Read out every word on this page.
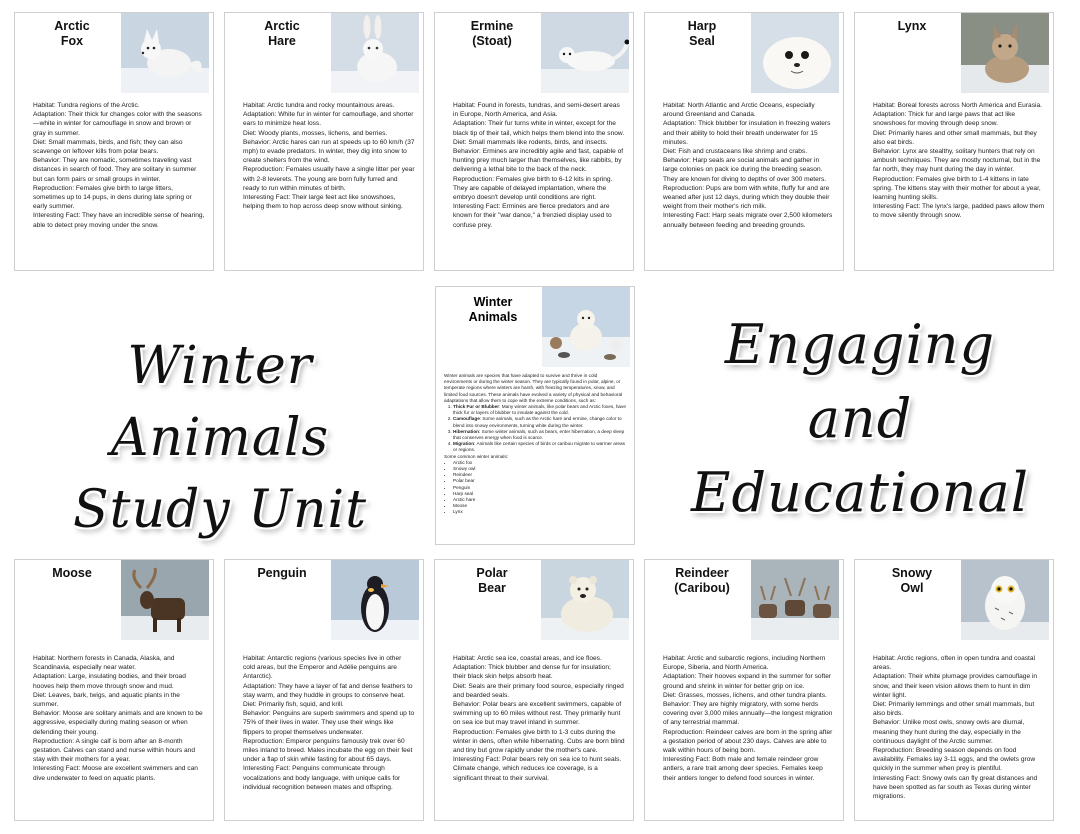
Arctic
Fox

Habitat: Tundra regions of the Arctic.

Adaptation: Their thick fur changes color with the seasons—white in winter for camouflage in snow and brown or gray in summer.

Diet: Small mammals, birds, and fish; they can also scavenge on leftover kills from polar bears.

Behavior: They are nomadic, sometimes traveling vast distances in search of food. They are solitary in summer but can form pairs or small groups in winter.

Reproduction: Females give birth to large litters, sometimes up to 14 pups, in dens during late spring or early summer.

Interesting Fact: They have an incredible sense of hearing, able to detect prey moving under the snow.

Arctic
Hare

Habitat: Arctic tundra and rocky mountainous areas.

Adaptation: White fur in winter for camouflage, and shorter ears to minimize heat loss.

Diet: Woody plants, mosses, lichens, and berries.

Behavior: Arctic hares can run at speeds up to 60 km/h (37 mph) to evade predators. In winter, they dig into snow to create shelters from the wind.

Reproduction: Females usually have a single litter per year with 2-8 leverets. The young are born fully furred and ready to run within minutes of birth.

Interesting Fact: Their large feet act like snowshoes, helping them to hop across deep snow without sinking.

Ermine
(Stoat)

Habitat: Found in forests, tundras, and semi-desert areas in Europe, North America, and Asia.

Adaptation: Their fur turns white in winter, except for the black tip of their tail, which helps them blend into the snow.

Diet: Small mammals like rodents, birds, and insects.

Behavior: Ermines are incredibly agile and fast, capable of hunting prey much larger than themselves, like rabbits, by delivering a lethal bite to the back of the neck.

Reproduction: Females give birth to 6-12 kits in spring. They are capable of delayed implantation, where the embryo doesn't develop until conditions are right.

Interesting Fact: Ermines are fierce predators and are known for their "war dance," a frenzied display used to confuse prey.

Harp
Seal

Habitat: North Atlantic and Arctic Oceans, especially around Greenland and Canada.

Adaptation: Thick blubber for insulation in freezing waters and their ability to hold their breath underwater for 15 minutes.

Diet: Fish and crustaceans like shrimp and crabs.

Behavior: Harp seals are social animals and gather in large colonies on pack ice during the breeding season. They are known for diving to depths of over 300 meters.

Reproduction: Pups are born with white, fluffy fur and are weaned after just 12 days, during which they double their weight from their mother's rich milk.

Interesting Fact: Harp seals migrate over 2,500 kilometers annually between feeding and breeding grounds.

Lynx

Habitat: Boreal forests across North America and Eurasia.

Adaptation: Thick fur and large paws that act like snowshoes for moving through deep snow.

Diet: Primarily hares and other small mammals, but they also eat birds.

Behavior: Lynx are stealthy, solitary hunters that rely on ambush techniques. They are mostly nocturnal, but in the far north, they may hunt during the day in winter.

Reproduction: Females give birth to 1-4 kittens in late spring. The kittens stay with their mother for about a year, learning hunting skills.

Interesting Fact: The lynx's large, padded paws allow them to move silently through snow.

Winter Animals
Study Unit
Engaging
and
Educational
Winter
Animals

Winter animals are species that have adapted to survive and thrive in cold environments or during the winter season. They are typically found in polar, alpine, or temperate regions where winters are harsh, with freezing temperatures, snow, and limited food sources. These animals have evolved a variety of physical and behavioral adaptations that allow them to cope with the extreme conditions, such as:

1. Thick Fur or Blubber: Many winter animals, like polar bears and Arctic foxes, have thick fur or layers of blubber to insulate against the cold.
2. Camouflage: Some animals, such as the Arctic hare and ermine, change color to blend into snowy environments, turning white during the winter.
3. Hibernation: Some winter animals, such as bears, enter hibernation, a deep sleep that conserves energy when food is scarce.
4. Migration: Animals like certain species of birds or caribou migrate to warmer areas or regions.

Some common winter animals:

• Arctic fox
• Snowy owl
• Reindeer
• Polar bear
• Penguin
• Harp seal
• Arctic hare
• Moose
• Lynx
Moose

Habitat: Northern forests in Canada, Alaska, and Scandinavia, especially near water.

Adaptation: Large, insulating bodies, and their broad hooves help them move through snow and mud.

Diet: Leaves, bark, twigs, and aquatic plants in the summer.

Behavior: Moose are solitary animals and are known to be aggressive, especially during mating season or when defending their young.

Reproduction: A single calf is born after an 8-month gestation. Calves can stand and nurse within hours and stay with their mothers for a year.

Interesting Fact: Moose are excellent swimmers and can dive underwater to feed on aquatic plants.

Penguin

Habitat: Antarctic regions (various species live in other cold areas, but the Emperor and Adélie penguins are Antarctic).

Adaptation: They have a layer of fat and dense feathers to stay warm, and they huddle in groups to conserve heat.

Diet: Primarily fish, squid, and krill.

Behavior: Penguins are superb swimmers and spend up to 75% of their lives in water. They use their wings like flippers to propel themselves underwater.

Reproduction: Emperor penguins famously trek over 60 miles inland to breed. Males incubate the egg on their feet under a flap of skin while fasting for about 65 days.

Interesting Fact: Penguins communicate through vocalizations and body language, with unique calls for individual recognition between mates and offspring.

Polar
Bear

Habitat: Arctic sea ice, coastal areas, and ice floes.

Adaptation: Thick blubber and dense fur for insulation; their black skin helps absorb heat.

Diet: Seals are their primary food source, especially ringed and bearded seals.

Behavior: Polar bears are excellent swimmers, capable of swimming up to 60 miles without rest. They primarily hunt on sea ice but may travel inland in summer.

Reproduction: Females give birth to 1-3 cubs during the winter in dens, often while hibernating. Cubs are born blind and tiny but grow rapidly under the mother's care.

Interesting Fact: Polar bears rely on sea ice to hunt seals. Climate change, which reduces ice coverage, is a significant threat to their survival.

Reindeer
(Caribou)

Habitat: Arctic and subarctic regions, including Northern Europe, Siberia, and North America.

Adaptation: Their hooves expand in the summer for softer ground and shrink in winter for better grip on ice.

Diet: Grasses, mosses, lichens, and other tundra plants.

Behavior: They are highly migratory, with some herds covering over 3,000 miles annually—the longest migration of any terrestrial mammal.

Reproduction: Reindeer calves are born in the spring after a gestation period of about 230 days. Calves are able to walk within hours of being born.

Interesting Fact: Both male and female reindeer grow antlers, a rare trait among deer species. Females keep their antlers longer to defend food sources in winter.

Snowy
Owl

Habitat: Arctic regions, often in open tundra and coastal areas.

Adaptation: Their white plumage provides camouflage in snow, and their keen vision allows them to hunt in dim winter light.

Diet: Primarily lemmings and other small mammals, but also birds.

Behavior: Unlike most owls, snowy owls are diurnal, meaning they hunt during the day, especially in the continuous daylight of the Arctic summer.

Reproduction: Breeding season depends on food availability. Females lay 3-11 eggs, and the owlets grow quickly in the summer when prey is plentiful.

Interesting Fact: Snowy owls can fly great distances and have been spotted as far south as Texas during winter migrations.
